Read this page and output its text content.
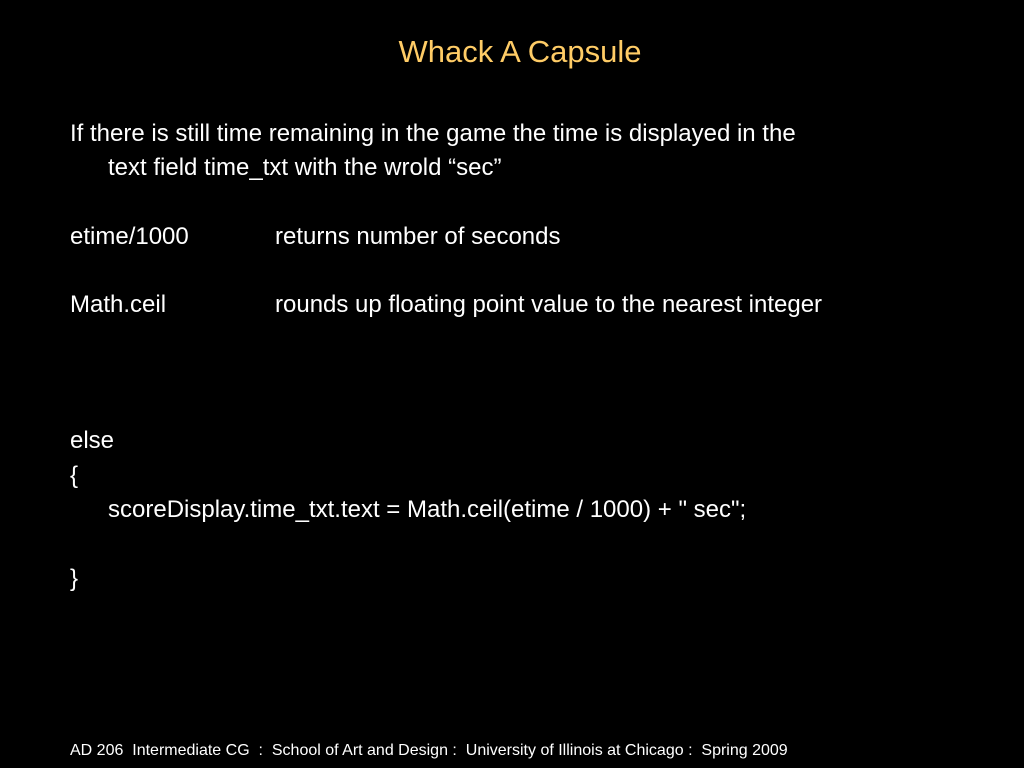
Whack A Capsule
If there is still time remaining in the game the time is displayed in the
text field time_txt with the wrold “sec”
etime/1000	returns number of seconds
Math.ceil	rounds up floating point value to the nearest integer
else
{
scoreDisplay.time_txt.text = Math.ceil(etime / 1000) + " sec";
}
AD 206  Intermediate CG  :  School of Art and Design :  University of Illinois at Chicago :  Spring 2009
